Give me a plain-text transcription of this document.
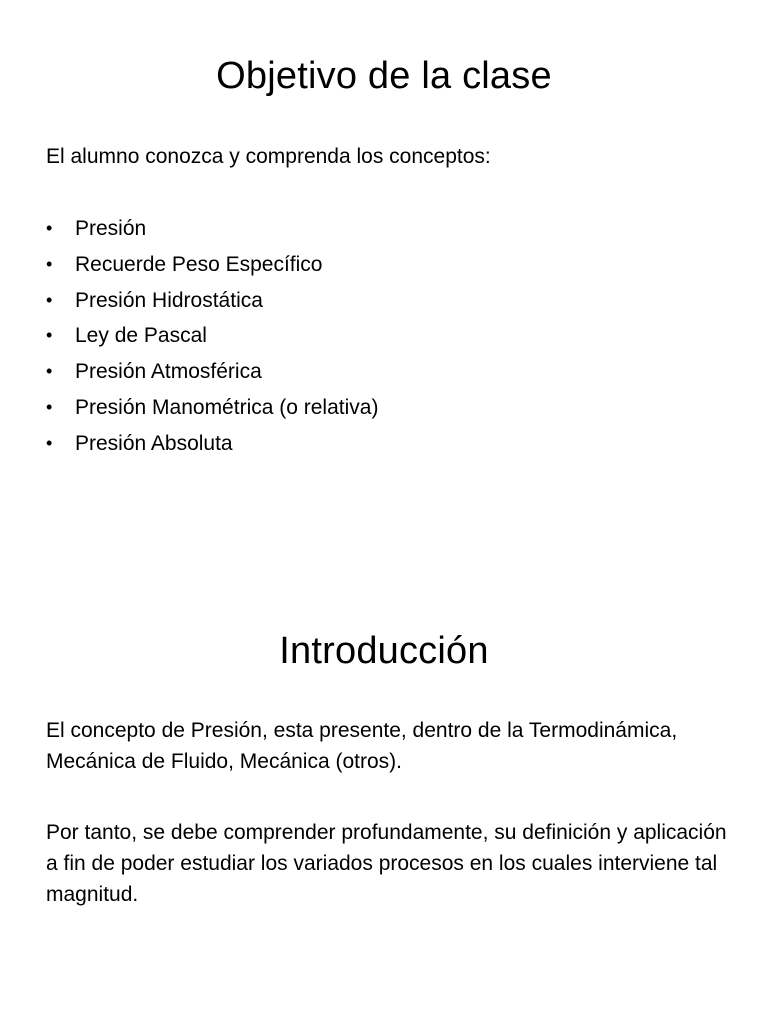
Objetivo de la clase

El alumno conozca y comprenda los conceptos:

• Presión
• Recuerde Peso Específico
• Presión Hidrostática
• Ley de Pascal
• Presión Atmosférica
• Presión Manométrica (o relativa)
• Presión Absoluta
Introducción

El concepto de Presión, esta presente, dentro de la Termodinámica, Mecánica de Fluido, Mecánica (otros).

Por tanto, se debe comprender profundamente, su definición y aplicación a fin de poder estudiar los variados procesos en los cuales interviene tal magnitud.
